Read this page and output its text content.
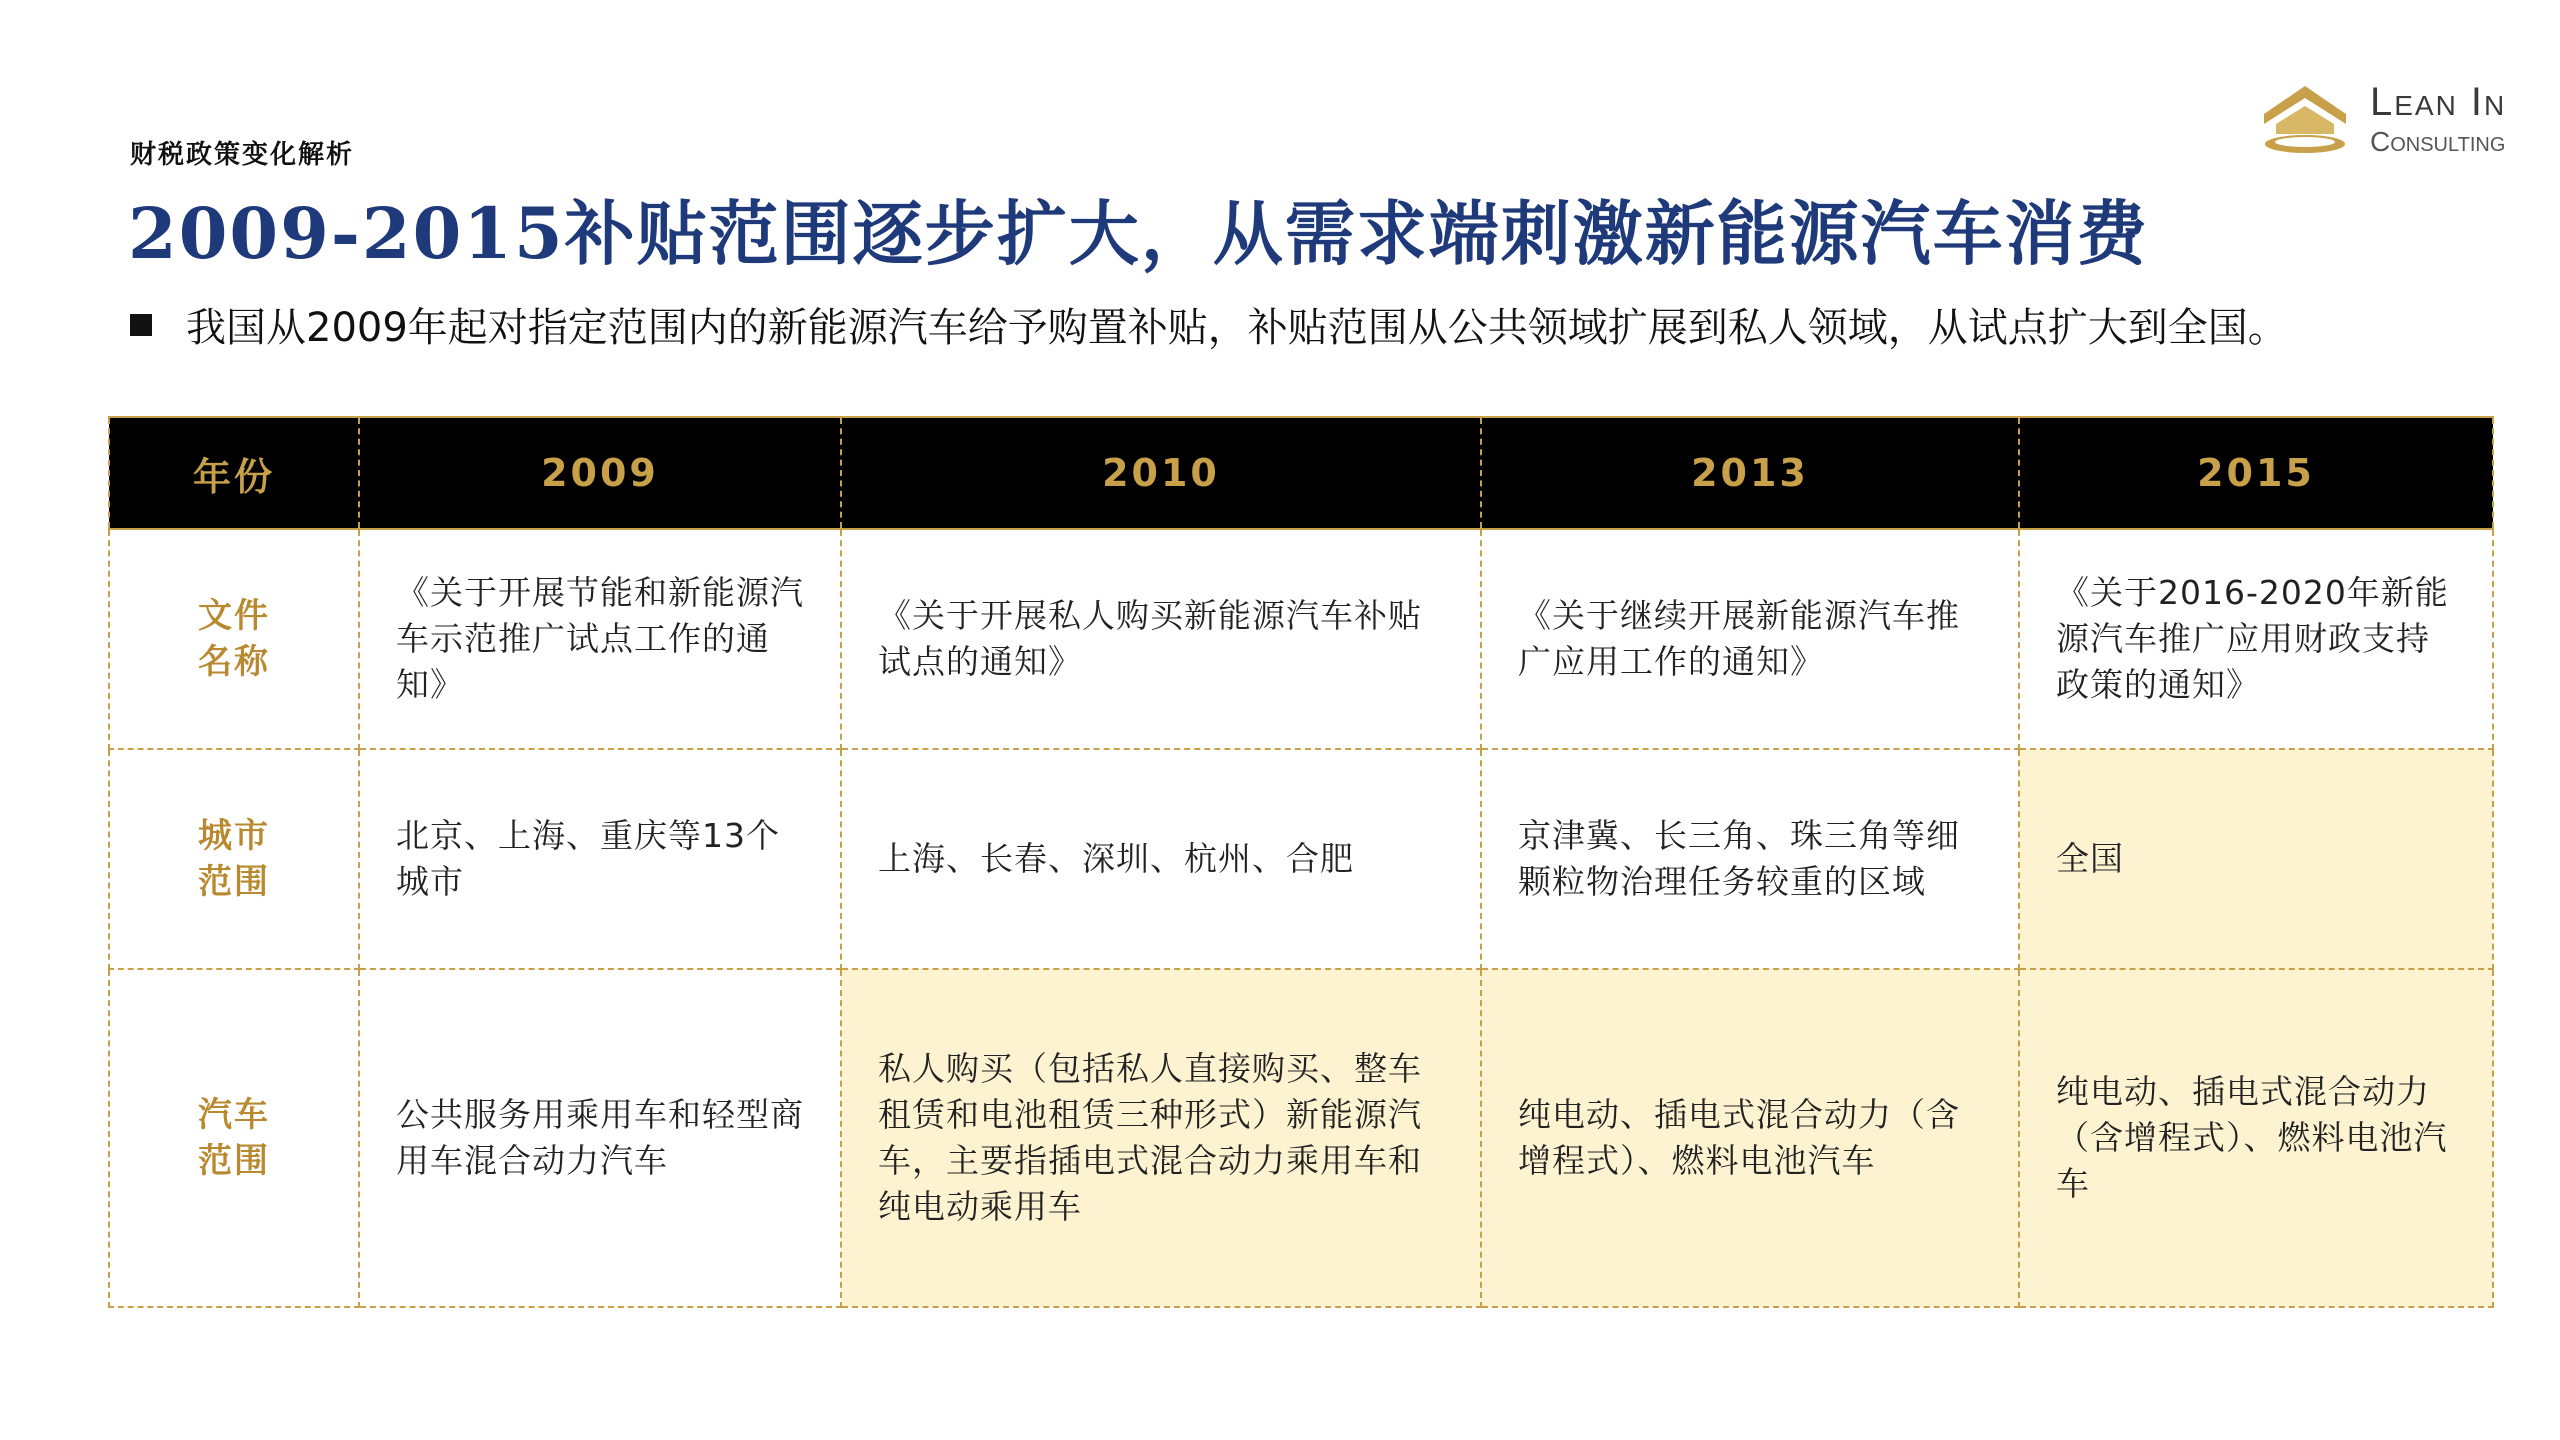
财税政策变化解析
Lean In
Consulting
2009-2015补贴范围逐步扩大，从需求端刺激新能源汽车消费
我国从2009年起对指定范围内的新能源汽车给予购置补贴，补贴范围从公共领域扩展到私人领域，从试点扩大到全国。
年份	2009	2010	2013	2015

文件
名称	《关于开展节能和新能源汽车示范推广试点工作的通知》	《关于开展私人购买新能源汽车补贴试点的通知》	《关于继续开展新能源汽车推广应用工作的通知》	《关于2016-2020年新能源汽车推广应用财政支持政策的通知》

城市
范围	北京、上海、重庆等13个城市	上海、长春、深圳、杭州、合肥	京津冀、长三角、珠三角等细颗粒物治理任务较重的区域	全国

汽车
范围	公共服务用乘用车和轻型商用车混合动力汽车	私人购买（包括私人直接购买、整车租赁和电池租赁三种形式）新能源汽车，主要指插电式混合动力乘用车和纯电动乘用车	纯电动、插电式混合动力（含增程式）、燃料电池汽车	纯电动、插电式混合动力（含增程式）、燃料电池汽车
